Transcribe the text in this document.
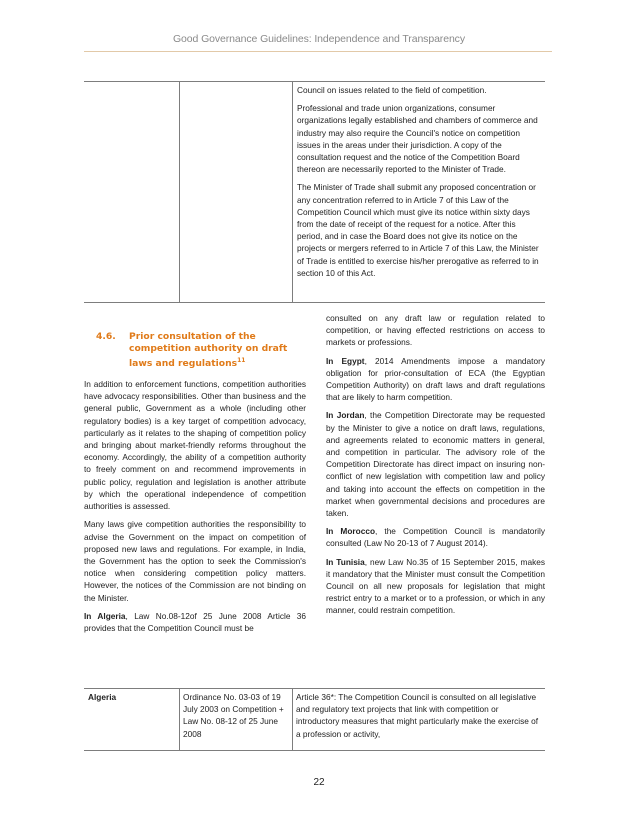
Good Governance Guidelines: Independence and Transparency

Council on issues related to the field of competition.

Professional and trade union organizations, consumer organizations legally established and chambers of commerce and industry may also require the Council's notice on competition issues in the areas under their jurisdiction. A copy of the consultation request and the notice of the Competition Board thereon are necessarily reported to the Minister of Trade.

The Minister of Trade shall submit any proposed concentration or any concentration referred to in Article 7 of this Law of the Competition Council which must give its notice within sixty days from the date of receipt of the request for a notice. After this period, and in case the Board does not give its notice on the projects or mergers referred to in Article 7 of this Law, the Minister of Trade is entitled to exercise his/her prerogative as referred to in section 10 of this Act.

4.6. Prior consultation of the competition authority on draft laws and regulations$^{11}$

In addition to enforcement functions, competition authorities have advocacy responsibilities. Other than business and the general public, Government as a whole (including other regulatory bodies) is a key target of competition advocacy, particularly as it relates to the shaping of competition policy and bringing about market-friendly reforms throughout the economy. Accordingly, the ability of a competition authority to freely comment on and recommend improvements in public policy, regulation and legislation is another attribute by which the operational independence of competition authorities is assessed.

Many laws give competition authorities the responsibility to advise the Government on the impact on competition of proposed new laws and regulations. For example, in India, the Government has the option to seek the Commission's notice when considering competition policy matters. However, the notices of the Commission are not binding on the Minister.

In Algeria, Law No.08-12of 25 June 2008 Article 36 provides that the Competition Council must be

consulted on any draft law or regulation related to competition, or having effected restrictions on access to markets or professions.

In Egypt, 2014 Amendments impose a mandatory obligation for prior-consultation of ECA (the Egyptian Competition Authority) on draft laws and draft regulations that are likely to harm competition.

In Jordan, the Competition Directorate may be requested by the Minister to give a notice on draft laws, regulations, and agreements related to economic matters in general, and competition in particular. The advisory role of the Competition Directorate has direct impact on insuring non-conflict of new legislation with competition law and policy and taking into account the effects on competition in the market when governmental decisions and procedures are taken.

In Morocco, the Competition Council is mandatorily consulted (Law No 20-13 of 7 August 2014).

In Tunisia, new Law No.35 of 15 September 2015, makes it mandatory that the Minister must consult the Competition Council on all new proposals for legislation that might restrict entry to a market or to a profession, or which in any manner, could restrain competition.

Algeria	Ordinance No. 03-03 of 19 July 2003 on Competition + Law No. 08-12 of 25 June 2008
Article 36*: The Competition Council is consulted on all legislative and regulatory text projects that link with competition or introductory measures that might particularly make the exercise of a profession or activity,
22
